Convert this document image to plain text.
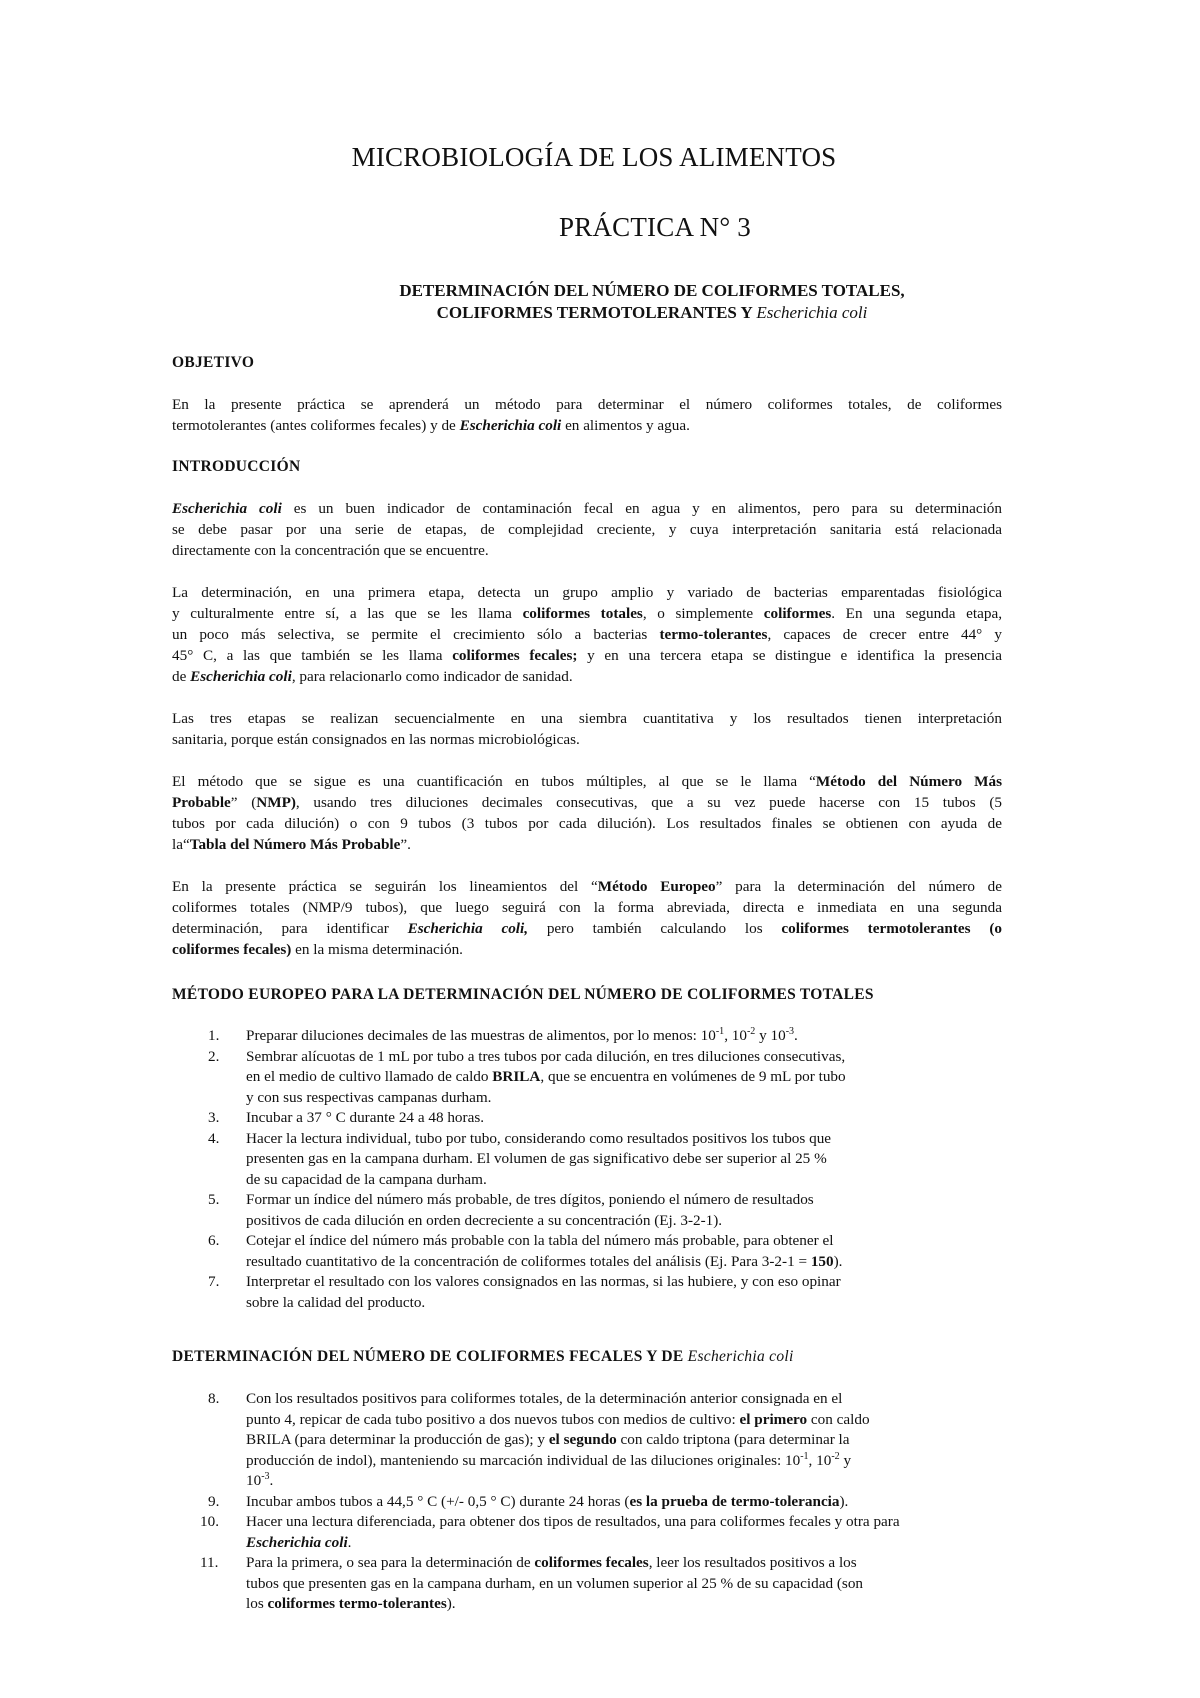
MICROBIOLOGÍA DE LOS ALIMENTOS
PRÁCTICA N° 3
DETERMINACIÓN DEL NÚMERO DE COLIFORMES TOTALES,
COLIFORMES TERMOTOLERANTES Y Escherichia coli
OBJETIVO
En la presente práctica se aprenderá un método para determinar el número coliformes totales, de coliformes
termotolerantes (antes coliformes fecales) y de Escherichia coli en alimentos y agua.
INTRODUCCIÓN
Escherichia coli es un buen indicador de contaminación fecal en agua y en alimentos, pero para su determinación
se debe pasar por una serie de etapas, de complejidad creciente, y cuya interpretación sanitaria está relacionada
directamente con la concentración que se encuentre.
La determinación, en una primera etapa, detecta un grupo amplio y variado de bacterias emparentadas fisiológica
y culturalmente entre sí, a las que se les llama coliformes totales, o simplemente coliformes. En una segunda etapa,
un poco más selectiva, se permite el crecimiento sólo a bacterias termo-tolerantes, capaces de crecer entre 44° y
45° C, a las que también se les llama coliformes fecales; y en una tercera etapa se distingue e identifica la presencia
de Escherichia coli, para relacionarlo como indicador de sanidad.
Las tres etapas se realizan secuencialmente en una siembra cuantitativa y los resultados tienen interpretación
sanitaria, porque están consignados en las normas microbiológicas.
El método que se sigue es una cuantificación en tubos múltiples, al que se le llama “Método del Número Más
Probable” (NMP), usando tres diluciones decimales consecutivas, que a su vez puede hacerse con 15 tubos (5
tubos por cada dilución) o con 9 tubos (3 tubos por cada dilución). Los resultados finales se obtienen con ayuda de
la“Tabla del Número Más Probable”.
En la presente práctica se seguirán los lineamientos del “Método Europeo” para la determinación del número de
coliformes totales (NMP/9 tubos), que luego seguirá con la forma abreviada, directa e inmediata en una segunda
determinación, para identificar Escherichia coli, pero también calculando los coliformes termotolerantes (o
coliformes fecales) en la misma determinación.
MÉTODO EUROPEO PARA LA DETERMINACIÓN DEL NÚMERO DE COLIFORMES TOTALES
1.	Preparar diluciones decimales de las muestras de alimentos, por lo menos: $10^{-1}$, $10^{-2}$ y $10^{-3}$.
2.	Sembrar alícuotas de 1 mL por tubo a tres tubos por cada dilución, en tres diluciones consecutivas,
en el medio de cultivo llamado de caldo BRILA, que se encuentra en volúmenes de 9 mL por tubo
y con sus respectivas campanas durham.
3.	Incubar a 37 ° C durante 24 a 48 horas.
4.	Hacer la lectura individual, tubo por tubo, considerando como resultados positivos los tubos que
presenten gas en la campana durham. El volumen de gas significativo debe ser superior al 25 %
de su capacidad de la campana durham.
5.	Formar un índice del número más probable, de tres dígitos, poniendo el número de resultados
positivos de cada dilución en orden decreciente a su concentración (Ej. 3-2-1).
6.	Cotejar el índice del número más probable con la tabla del número más probable, para obtener el
resultado cuantitativo de la concentración de coliformes totales del análisis (Ej. Para 3-2-1 = 150).
7.	Interpretar el resultado con los valores consignados en las normas, si las hubiere, y con eso opinar
sobre la calidad del producto.
DETERMINACIÓN DEL NÚMERO DE COLIFORMES FECALES Y DE Escherichia coli
8.	Con los resultados positivos para coliformes totales, de la determinación anterior consignada en el
punto 4, repicar de cada tubo positivo a dos nuevos tubos con medios de cultivo: el primero con caldo
BRILA (para determinar la producción de gas); y el segundo con caldo triptona (para determinar la
producción de indol), manteniendo su marcación individual de las diluciones originales: $10^{-1}$, $10^{-2}$ y
$10^{-3}$.
9.	Incubar ambos tubos a 44,5 ° C (+/- 0,5 ° C) durante 24 horas (es la prueba de termo-tolerancia).
10.	Hacer una lectura diferenciada, para obtener dos tipos de resultados, una para coliformes fecales y otra para
Escherichia coli.
11.	Para la primera, o sea para la determinación de coliformes fecales, leer los resultados positivos a los
tubos que presenten gas en la campana durham, en un volumen superior al 25 % de su capacidad (son
los coliformes termo-tolerantes).
